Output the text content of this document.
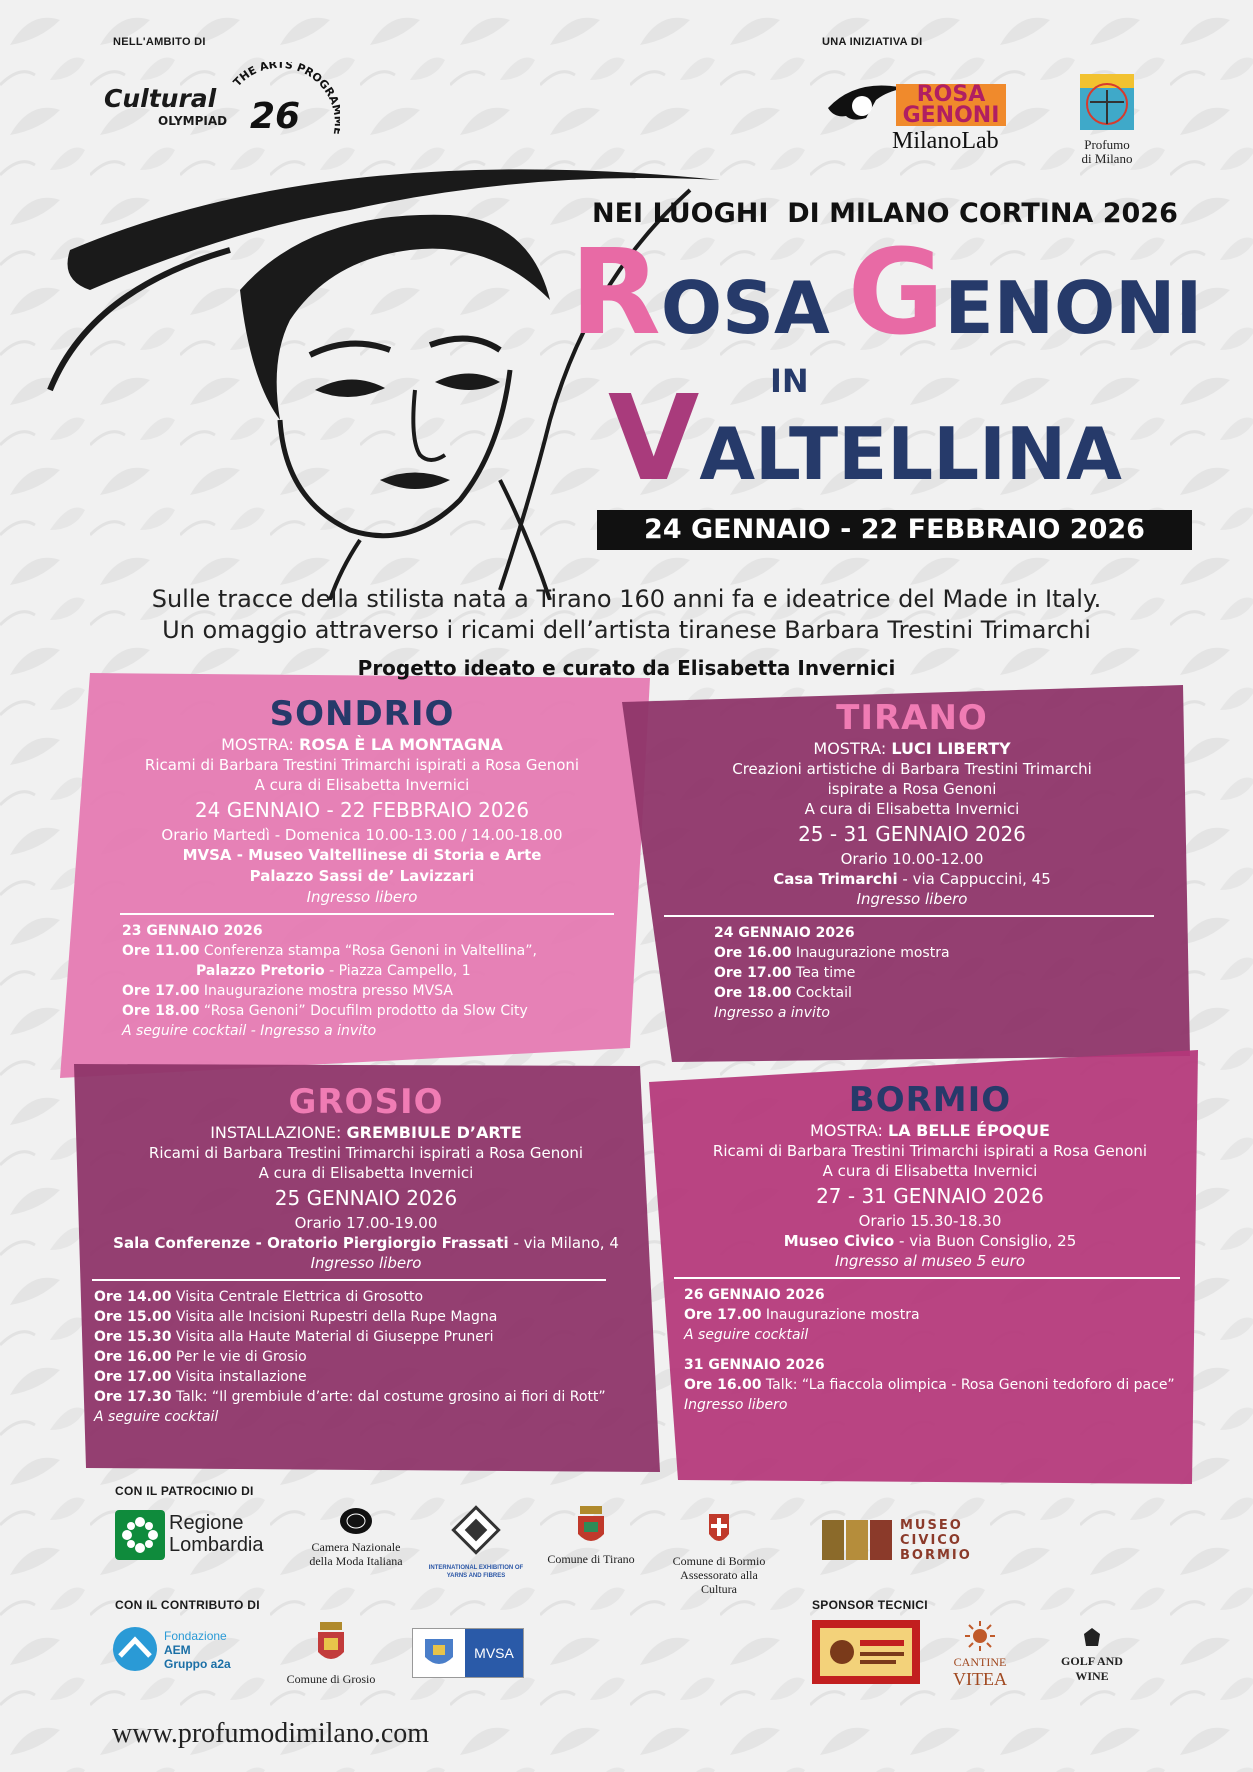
NELL'AMBITO DI	UNA INIZIATIVA DI
THE ARTS PROGRA
26
Cultural
OLYMPIAD
ROSA
GENONI
MilanoLab	Profumo
di Milano
NEI LUOGHI  DI MILANO CORTINA 2026
ROSA GENONI
IN
VALTELLINA
24 GENNAIO - 22 FEBBRAIO 2026
Sulle tracce della stilista nata a Tirano 160 anni fa e ideatrice del Made in Italy.
Un omaggio attraverso i ricami dell’artista tiranese Barbara Trestini Trimarchi
Progetto ideato e curato da Elisabetta Invernici
SONDRIO
MOSTRA: ROSA È LA MONTAGNA
Ricami di Barbara Trestini Trimarchi ispirati a Rosa Genoni
A cura di Elisabetta Invernici
24 GENNAIO - 22 FEBBRAIO 2026
Orario Martedì - Domenica 10.00-13.00 / 14.00-18.00
MVSA - Museo Valtellinese di Storia e Arte
Palazzo Sassi de’ Lavizzari
Ingresso libero
23 GENNAIO 2026
Ore 11.00 Conferenza stampa “Rosa Genoni in Valtellina”,
Palazzo Pretorio - Piazza Campello, 1
Ore 17.00 Inaugurazione mostra presso MVSA
Ore 18.00 “Rosa Genoni” Docufilm prodotto da Slow City
A seguire cocktail - Ingresso a invito
TIRANO
MOSTRA: LUCI LIBERTY
Creazioni artistiche di Barbara Trestini Trimarchi
ispirate a Rosa Genoni
A cura di Elisabetta Invernici
25 - 31 GENNAIO 2026
Orario 10.00-12.00
Casa Trimarchi - via Cappuccini, 45
Ingresso libero
24 GENNAIO 2026
Ore 16.00 Inaugurazione mostra
Ore 17.00 Tea time
Ore 18.00 Cocktail
Ingresso a invito
GROSIO
INSTALLAZIONE: GREMBIULE D’ARTE
Ricami di Barbara Trestini Trimarchi ispirati a Rosa Genoni
A cura di Elisabetta Invernici
25 GENNAIO 2026
Orario 17.00-19.00
Sala Conferenze - Oratorio Piergiorgio Frassati - via Milano, 4
Ingresso libero
Ore 14.00 Visita Centrale Elettrica di Grosotto
Ore 15.00 Visita alle Incisioni Rupestri della Rupe Magna
Ore 15.30 Visita alla Haute Material di Giuseppe Pruneri
Ore 16.00 Per le vie di Grosio
Ore 17.00 Visita installazione
Ore 17.30 Talk: “Il grembiule d’arte: dal costume grosino ai fiori di Rott”
A seguire cocktail
BORMIO
MOSTRA: LA BELLE ÉPOQUE
Ricami di Barbara Trestini Trimarchi ispirati a Rosa Genoni
A cura di Elisabetta Invernici
27 - 31 GENNAIO 2026
Orario 15.30-18.30
Museo Civico - via Buon Consiglio, 25
Ingresso al museo 5 euro
26 GENNAIO 2026
Ore 17.00 Inaugurazione mostra
A seguire cocktail
31 GENNAIO 2026
Ore 16.00 Talk: “La fiaccola olimpica - Rosa Genoni tedoforo di pace”
Ingresso libero
CON IL PATROCINIO DI
Regione
Lombardia	Camera Nazionale
della Moda Italiana	INTERNATIONAL EXHIBITION OF YARNS AND FIBRES
Comune di Tirano	Comune di Bormio
Assessorato alla Cultura
MUSEO
CIVICO
BORMIO
CON IL CONTRIBUTO DI	SPONSOR TECNICI
Fondazione
AEM
Gruppo a2a
Comune di Grosio
MVSA
CANTINE
VITEA
GOLF AND WINE
www.profumodimilano.com
